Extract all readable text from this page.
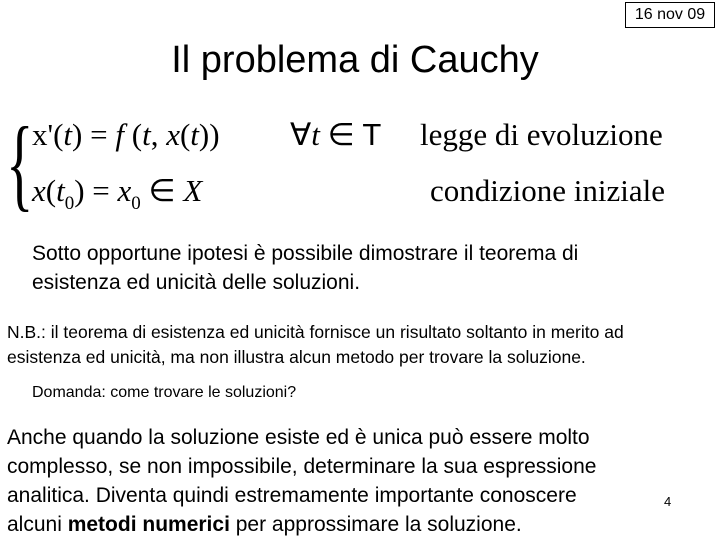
16 nov 09
Il problema di Cauchy
{
x'(t) = f (t, x(t)) ∀t ∈ T
$x(t_0) = x_0$ ∈ X
legge di evoluzione
condizione iniziale
Sotto opportune ipotesi è possibile dimostrare il teorema di
esistenza ed unicità delle soluzioni.
N.B.: il teorema di esistenza ed unicità fornisce un risultato soltanto in merito ad
esistenza ed unicità, ma non illustra alcun metodo per trovare la soluzione.
Domanda: come trovare le soluzioni?
Anche quando la soluzione esiste ed è unica può essere molto
complesso, se non impossibile, determinare la sua espressione
analitica. Diventa quindi estremamente importante conoscere
alcuni metodi numerici per approssimare la soluzione.
4
